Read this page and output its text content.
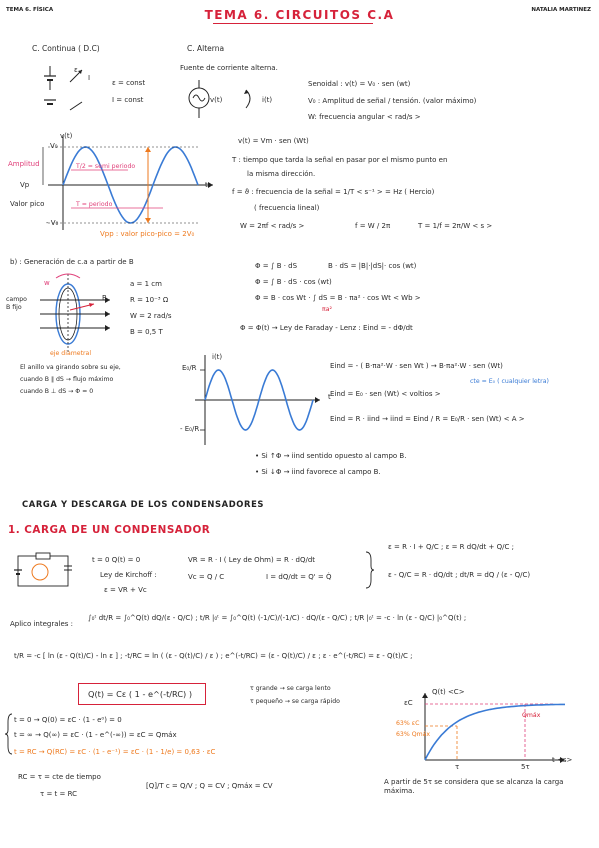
TEMA 6. FÍSICA	TEMA 6. CIRCUITOS C.A	NATALIA MARTINEZ
C. Continua ( D.C)	C. Alterna
ε
I
ε = const
I = const
Fuente de corriente alterna.
v(t)	i(t)
Senoidal : v(t) = V₀ · sen (wt)
V₀ : Amplitud de señal / tensión. (valor máximo)
W: frecuencia angular < rad/s >
v(t)
t
V₀
- V₀
Amplitud
Vp
Valor pico
T/2 = semi periodo
T = periodo
Vpp : valor pico-pico = 2V₀
v(t) = Vm · sen (Wt)
T : tiempo que tarda la señal en pasar por el mismo punto en
la misma dirección.
f = ϑ : frecuencia de la señal = 1/T < s⁻¹ > = Hz ( Hercio)
( frecuencia lineal)
W = 2πf < rad/s >	f = W / 2π	T = 1/f = 2π/W < s >
b) : Generación de c.a a partir de B
w
B
campo B fijo
eje diametral
a = 1 cm
R = 10⁻³ Ω
W = 2 rad/s
B = 0,5 T
Φ = ∫ B · dS	B · dS = |B|·|dS|· cos (wt)
Φ = ∫ B · dS · cos (wt)
Φ = B · cos Wt · ∫ dS = B · πa² · cos Wt < Wb >
πa²
Φ = Φ(t) → Ley de Faraday - Lenz : Eind = - dΦ/dt
El anillo va girando sobre su eje,
cuando B ∥ dS → flujo máximo
cuando B ⊥ dS → Φ = 0
i(t)
E₀/R
- E₀/R
t
Eind = - ( B·πa²·W · sen Wt ) → B·πa²·W · sen (Wt)
cte = E₀ ( cualquier letra)
Eind = E₀ · sen (Wt) < voltios >
Eind = R · iind → iind = Eind / R = E₀/R · sen (Wt) < A >
• Si ↑Φ → iind sentido opuesto al campo B.
• Si ↓Φ → iind favorece al campo B.
CARGA Y DESCARGA DE LOS CONDENSADORES
1. CARGA DE UN CONDENSADOR
t = 0 Q(t) = 0
Ley de Kirchoff :
ε = VR + Vc
VR = R · I ( Ley de Ohm) = R · dQ/dt
Vc = Q / C	I = dQ/dt = Q' = Q̇
ε = R · I + Q/C ; ε = R dQ/dt + Q/C ;
ε - Q/C = R · dQ/dt ; dt/R = dQ / (ε - Q/C)
Aplico integrales :
∫₀ᵗ dt/R = ∫₀^Q(t) dQ/(ε - Q/C) ; t/R |₀ᵗ = ∫₀^Q(t) (-1/C)/(-1/C) · dQ/(ε - Q/C) ; t/R |₀ᵗ = -c · ln (ε - Q/C) |₀^Q(t) ;
t/R = -c [ ln (ε - Q(t)/C) - ln ε ] ; -t/RC = ln ( (ε - Q(t)/C) / ε ) ; e^(-t/RC) = (ε - Q(t)/C) / ε ; ε · e^(-t/RC) = ε - Q(t)/C ;
Q(t) = Cε ( 1 - e^(-t/RC) )
τ grande → se carga lento
τ pequeño → se carga rápido
t = 0 → Q(0) = εC · (1 - e⁰) = 0
t = ∞ → Q(∞) = εC · (1 - e^(-∞)) = εC = Qmáx
t = RC → Q(RC) = εC · (1 - e⁻¹) = εC · (1 - 1/e) = 0,63 · εC
RC = τ = cte de tiempo
τ = t = RC
[Q]/T c = Q/V ; Q = CV ; Qmáx = CV	A partir de 5τ se considera que se alcanza la carga máxima.
Q(t) <C>
εC
Qmáx
63% εC
63% Qmáx
τ	5τ
t <s>
